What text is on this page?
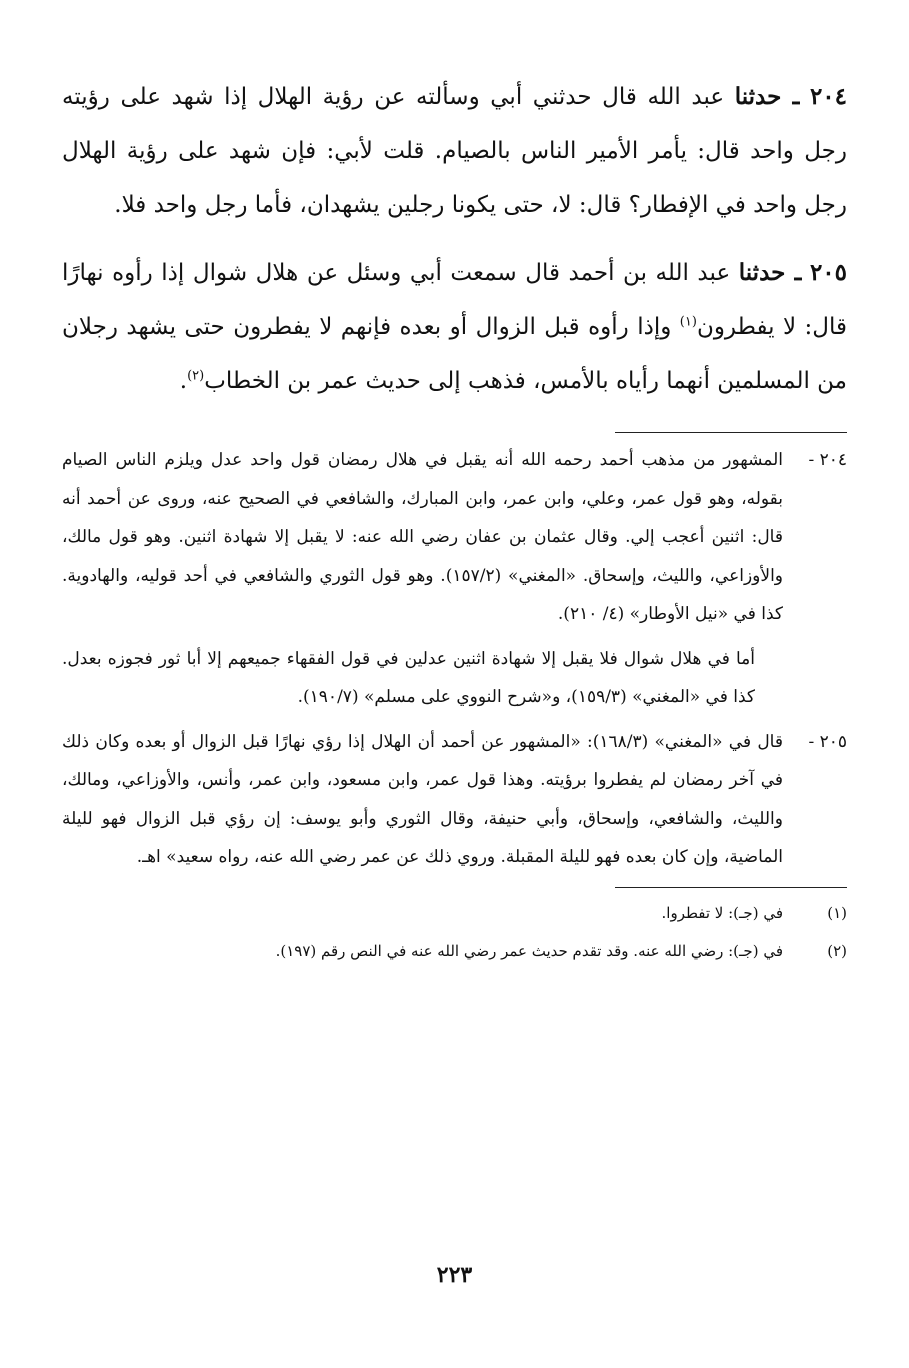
٢٠٤ ـ حدثنا عبد الله قال حدثني أبي وسألته عن رؤية الهلال إذا شهد على رؤيته رجل واحد قال: يأمر الأمير الناس بالصيام. قلت لأبي: فإن شهد على رؤية الهلال رجل واحد في الإفطار؟ قال: لا، حتى يكونا رجلين يشهدان، فأما رجل واحد فلا.

٢٠٥ ـ حدثنا عبد الله بن أحمد قال سمعت أبي وسئل عن هلال شوال إذا رأوه نهارًا قال: لا يفطرون$^{(١)}$ وإذا رأوه قبل الزوال أو بعده فإنهم لا يفطرون حتى يشهد رجلان من المسلمين أنهما رأياه بالأمس، فذهب إلى حديث عمر بن الخطاب$^{(٢)}$.

٢٠٤ -
المشهور من مذهب أحمد رحمه الله أنه يقبل في هلال رمضان قول واحد عدل ويلزم الناس الصيام بقوله، وهو قول عمر، وعلي، وابن عمر، وابن المبارك، والشافعي في الصحيح عنه، وروى عن أحمد أنه قال: اثنين أعجب إلي. وقال عثمان بن عفان رضي الله عنه: لا يقبل إلا شهادة اثنين. وهو قول مالك، والأوزاعي، والليث، وإسحاق. «المغني» (١٥٧/٢). وهو قول الثوري والشافعي في أحد قوليه، والهادوية. كذا في «نيل الأوطار» (٤/ ٢١٠).

أما في هلال شوال فلا يقبل إلا شهادة اثنين عدلين في قول الفقهاء جميعهم إلا أبا ثور فجوزه بعدل. كذا في «المغني» (١٥٩/٣)، و«شرح النووي على مسلم» (١٩٠/٧).

٢٠٥ -
قال في «المغني» (١٦٨/٣): «المشهور عن أحمد أن الهلال إذا رؤي نهارًا قبل الزوال أو بعده وكان ذلك في آخر رمضان لم يفطروا برؤيته. وهذا قول عمر، وابن مسعود، وابن عمر، وأنس، والأوزاعي، ومالك، والليث، والشافعي، وإسحاق، وأبي حنيفة، وقال الثوري وأبو يوسف: إن رؤي قبل الزوال فهو لليلة الماضية، وإن كان بعده فهو لليلة المقبلة. وروي ذلك عن عمر رضي الله عنه، رواه سعيد» اهـ.

(١)
في (جـ): لا تفطروا.

(٢)
في (جـ): رضي الله عنه. وقد تقدم حديث عمر رضي الله عنه في النص رقم (١٩٧).

٢٢٣
